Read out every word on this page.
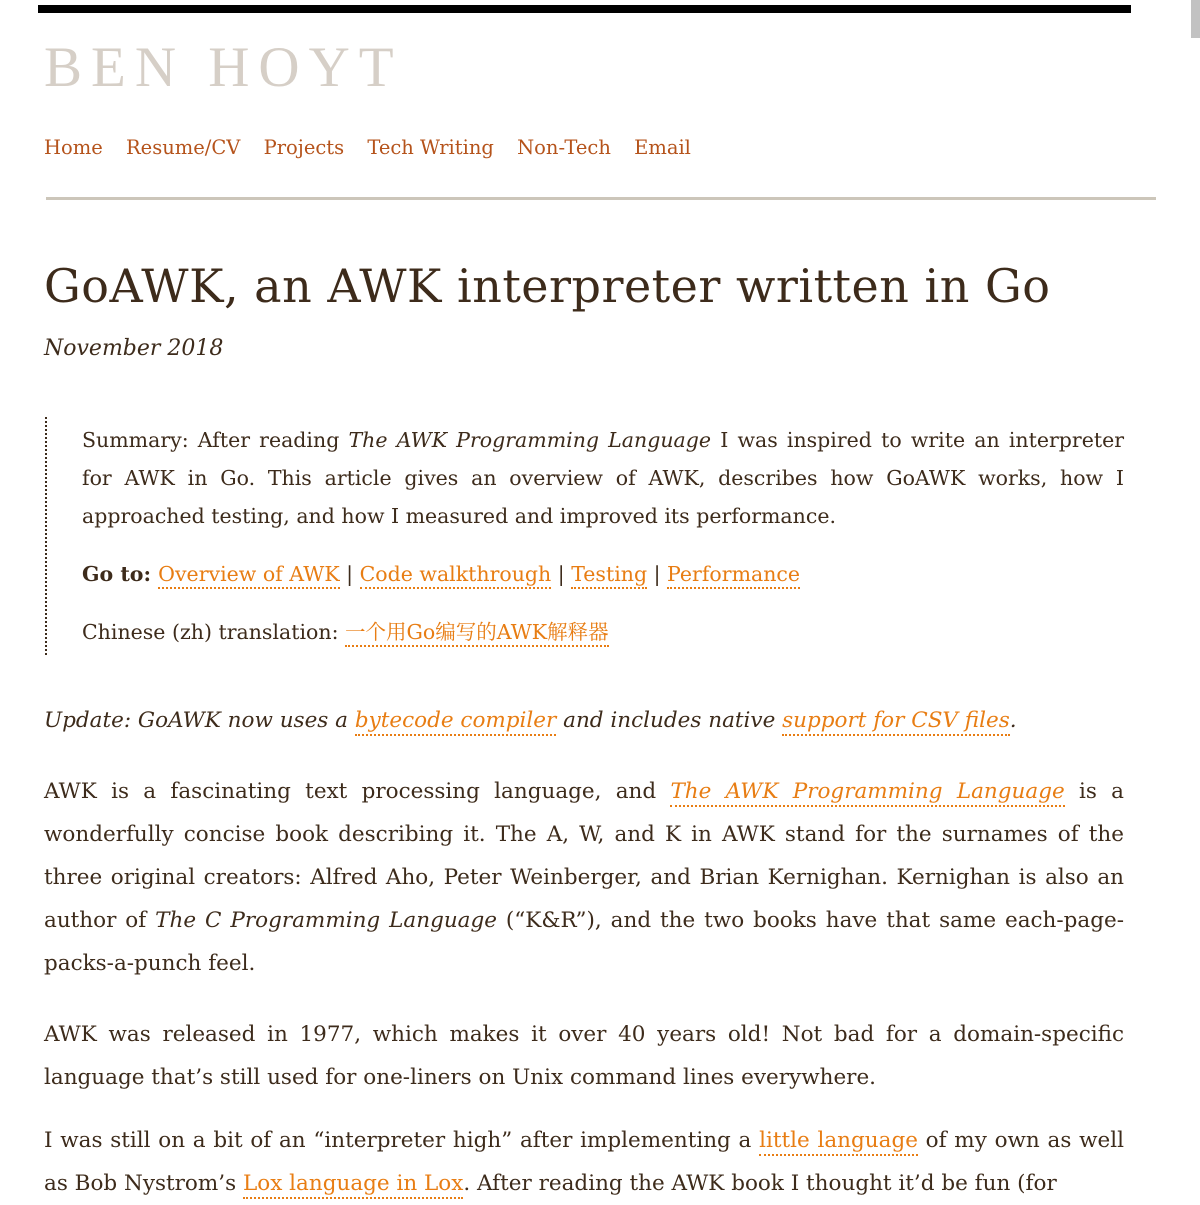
BEN HOYT
Home Resume/CV Projects Tech Writing Non-Tech Email
GoAWK, an AWK interpreter written in Go

November 2018

Summary: After reading The AWK Programming Language I was inspired to write an interpreter for AWK in Go. This article gives an overview of AWK, describes how GoAWK works, how I approached testing, and how I measured and improved its performance.

Go to: Overview of AWK | Code walkthrough | Testing | Performance

Chinese (zh) translation: 一个用Go编写的AWK解释器

Update: GoAWK now uses a bytecode compiler and includes native support for CSV files.

AWK is a fascinating text processing language, and The AWK Programming Language is a wonderfully concise book describing it. The A, W, and K in AWK stand for the surnames of the three original creators: Alfred Aho, Peter Weinberger, and Brian Kernighan. Kernighan is also an author of The C Programming Language (“K&R”), and the two books have that same each-page-packs-a-punch feel.

AWK was released in 1977, which makes it over 40 years old! Not bad for a domain-specific language that’s still used for one-liners on Unix command lines everywhere.

I was still on a bit of an “interpreter high” after implementing a little language of my own as well as Bob Nystrom’s Lox language in Lox. After reading the AWK book I thought it’d be fun (for
